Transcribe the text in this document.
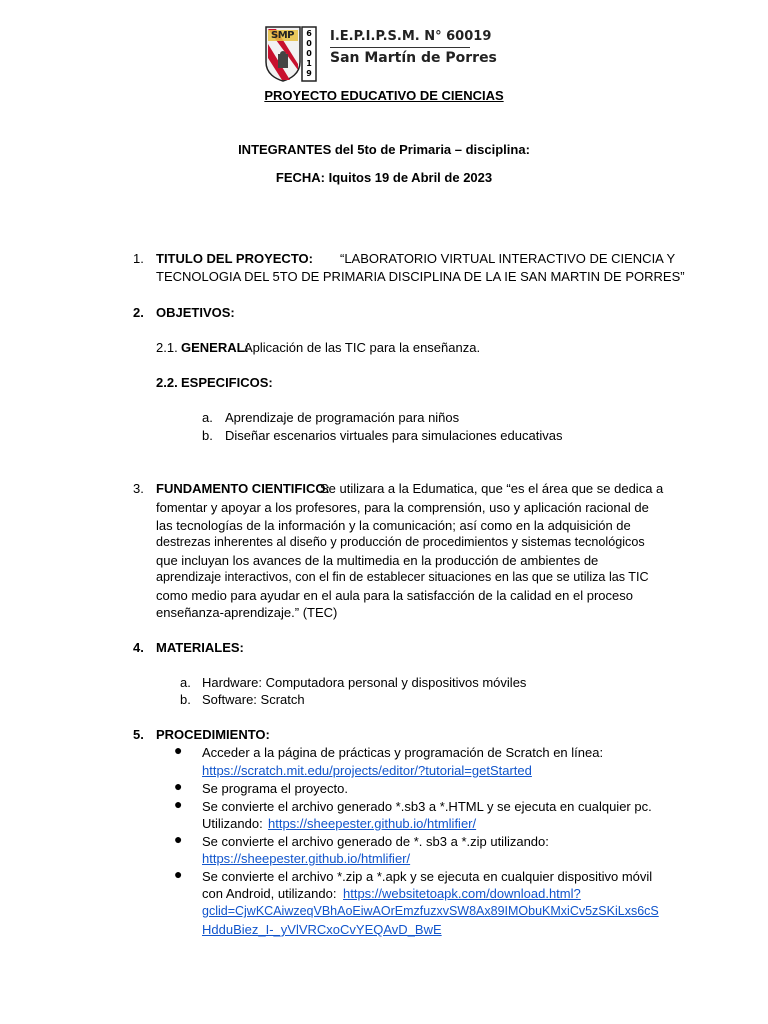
SMP 6
0
0
1
9
I.E.P.I.P.S.M. N° 60019
San Martín de Porres
PROYECTO EDUCATIVO DE CIENCIAS
INTEGRANTES del 5to de Primaria – disciplina:
FECHA: Iquitos 19 de Abril de 2023
1. TITULO DEL PROYECTO: “LABORATORIO VIRTUAL INTERACTIVO DE CIENCIA Y
TECNOLOGIA DEL 5TO DE PRIMARIA DISCIPLINA DE LA IE SAN MARTIN DE PORRES”
2. OBJETIVOS:
2.1. GENERAL:
Aplicación de las TIC para la enseñanza.
2.2. ESPECIFICOS:
a. Aprendizaje de programación para niños
b. Diseñar escenarios virtuales para simulaciones educativas
3. FUNDAMENTO CIENTIFICO:
Se utilizara a la Edumatica, que “es el área que se dedica a
fomentar y apoyar a los profesores, para la comprensión, uso y aplicación racional de
las tecnologías de la información y la comunicación; así como en la adquisición de
destrezas inherentes al diseño y producción de procedimientos y sistemas tecnológicos
que incluyan los avances de la multimedia en la producción de ambientes de
aprendizaje interactivos, con el fin de establecer situaciones en las que se utiliza las TIC
como medio para ayudar en el aula para la satisfacción de la calidad en el proceso
enseñanza-aprendizaje.” (TEC)
4. MATERIALES:
a. Hardware: Computadora personal y dispositivos móviles
b. Software: Scratch
5. PROCEDIMIENTO:
● Acceder a la página de prácticas y programación de Scratch en línea:
https://scratch.mit.edu/projects/editor/?tutorial=getStarted
● Se programa el proyecto.
● Se convierte el archivo generado *.sb3 a *.HTML y se ejecuta en cualquier pc.
Utilizando: https://sheepester.github.io/htmlifier/
● Se convierte el archivo generado de *. sb3 a *.zip utilizando:
https://sheepester.github.io/htmlifier/
● Se convierte el archivo *.zip a *.apk y se ejecuta en cualquier dispositivo móvil
con Android, utilizando: https://websitetoapk.com/download.html?
gclid=CjwKCAiwzeqVBhAoEiwAOrEmzfuzxvSW8Ax89IMObuKMxiCv5zSKiLxs6cS
HdduBiez_I-_yVlVRCxoCvYEQAvD_BwE
